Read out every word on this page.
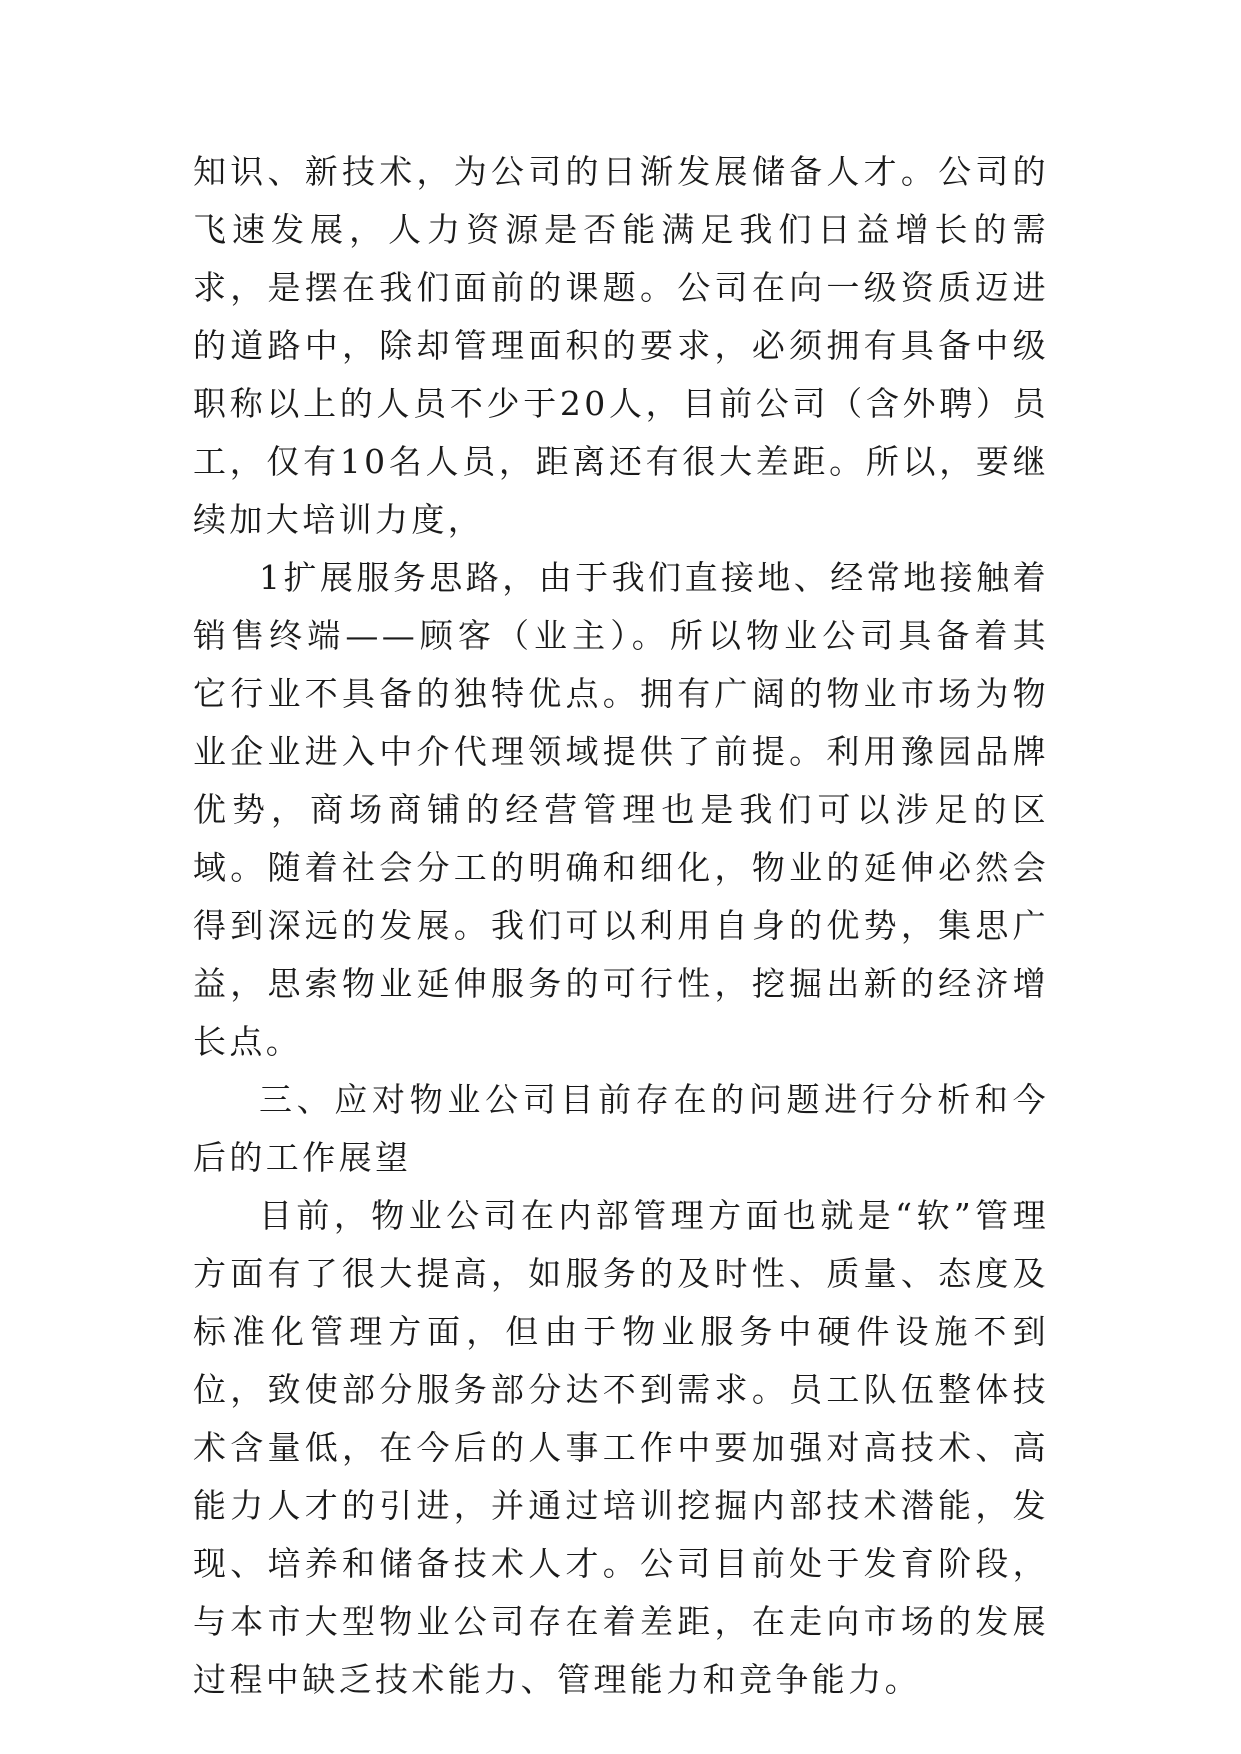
知识、新技术，为公司的日渐发展储备人才。公司的飞速发展，人力资源是否能满足我们日益增长的需求，是摆在我们面前的课题。公司在向一级资质迈进的道路中，除却管理面积的要求，必须拥有具备中级职称以上的人员不少于20人，目前公司（含外聘）员工，仅有10名人员，距离还有很大差距。所以，要继续加大培训力度，

1扩展服务思路，由于我们直接地、经常地接触着销售终端——顾客（业主）。所以物业公司具备着其它行业不具备的独特优点。拥有广阔的物业市场为物业企业进入中介代理领域提供了前提。利用豫园品牌优势，商场商铺的经营管理也是我们可以涉足的区域。随着社会分工的明确和细化，物业的延伸必然会得到深远的发展。我们可以利用自身的优势，集思广益，思索物业延伸服务的可行性，挖掘出新的经济增长点。

三、应对物业公司目前存在的问题进行分析和今后的工作展望

目前，物业公司在内部管理方面也就是“软”管理方面有了很大提高，如服务的及时性、质量、态度及标准化管理方面，但由于物业服务中硬件设施不到位，致使部分服务部分达不到需求。员工队伍整体技术含量低，在今后的人事工作中要加强对高技术、高能力人才的引进，并通过培训挖掘内部技术潜能，发现、培养和储备技术人才。公司目前处于发育阶段，与本市大型物业公司存在着差距，在走向市场的发展过程中缺乏技术能力、管理能力和竞争能力。
